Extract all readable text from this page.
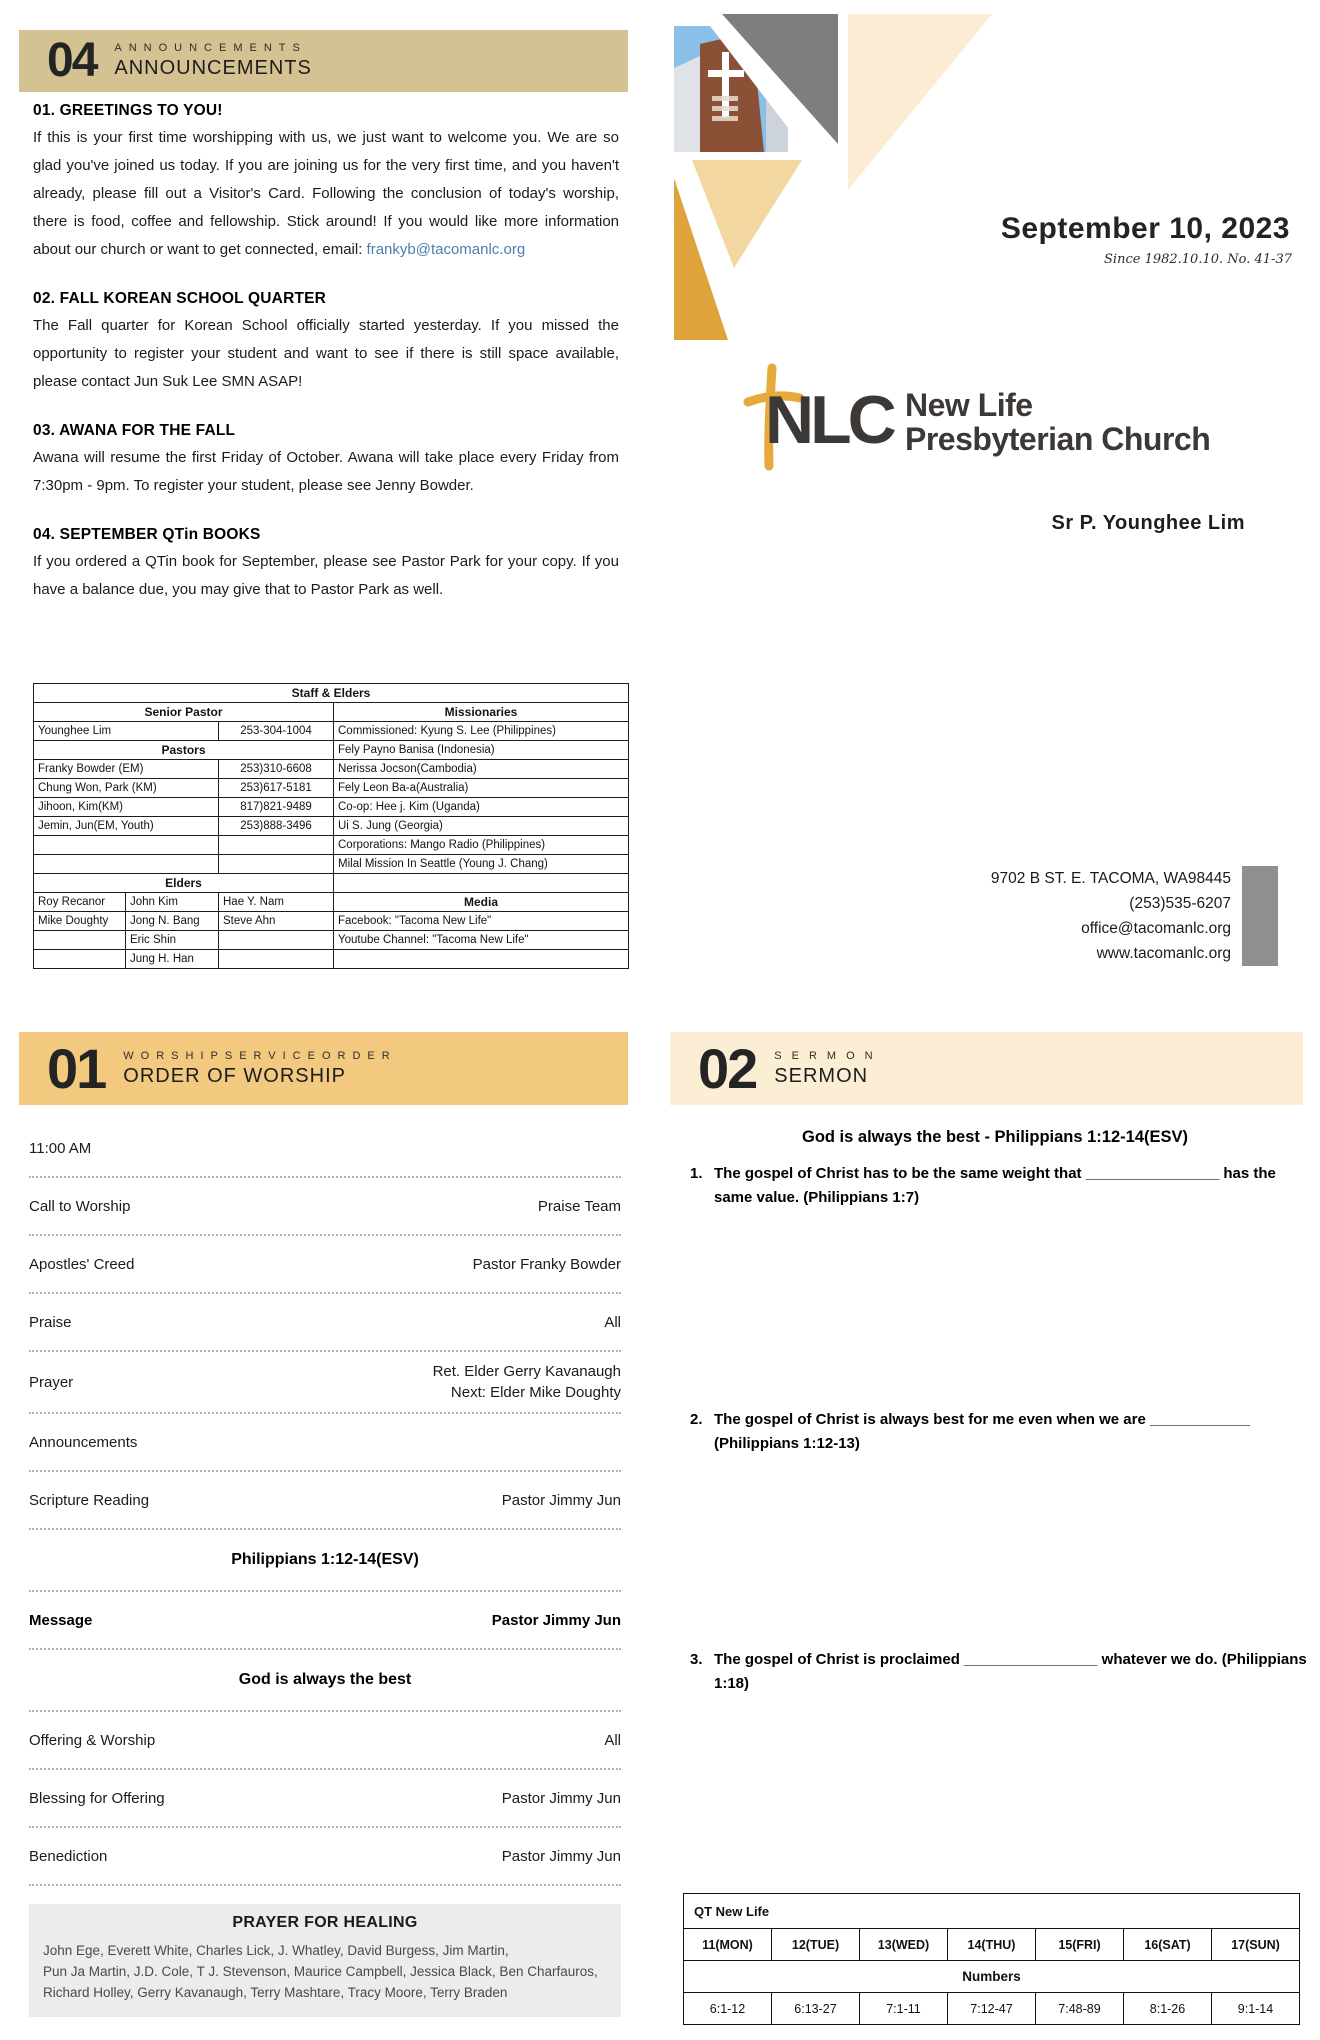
04 ANNOUNCEMENTS
ANNOUNCEMENTS
01. GREETINGS TO YOU!
If this is your first time worshipping with us, we just want to welcome you. We are so glad you've joined us today. If you are joining us for the very first time, and you haven't already, please fill out a Visitor's Card. Following the conclusion of today's worship, there is food, coffee and fellowship. Stick around! If you would like more information about our church or want to get connected, email: frankyb@tacomanlc.org
02. FALL KOREAN SCHOOL QUARTER
The Fall quarter for Korean School officially started yesterday. If you missed the opportunity to register your student and want to see if there is still space available, please contact Jun Suk Lee SMN ASAP!
03. AWANA FOR THE FALL
Awana will resume the first Friday of October. Awana will take place every Friday from 7:30pm - 9pm. To register your student, please see Jenny Bowder.
04. SEPTEMBER QTin BOOKS
If you ordered a QTin book for September, please see Pastor Park for your copy. If you have a balance due, you may give that to Pastor Park as well.
Staff & Elders			
Senior Pastor			Missionaries
Younghee Lim		253-304-1004	Commissioned: Kyung S. Lee (Philippines)
Pastors			Fely Payno Banisa (Indonesia)
Franky Bowder (EM)		253)310-6608	Nerissa Jocson(Cambodia)
Chung Won, Park (KM)		253)617-5181	Fely Leon Ba-a(Australia)
Jihoon, Kim(KM)		817)821-9489	Co-op: Hee j. Kim (Uganda)
Jemin, Jun(EM, Youth)		253)888-3496	Ui S. Jung (Georgia)
			Corporations: Mango Radio (Philippines)
			Milal Mission In Seattle (Young J. Chang)
Elders			
Roy Recanor	John Kim	Hae Y. Nam	Media
Mike Doughty	Jong N. Bang	Steve Ahn	Facebook: "Tacoma New Life"
	Eric Shin		Youtube Channel: "Tacoma New Life"
	Jung H. Han		
September 10, 2023
Since 1982.10.10. No. 41-37
NLC New Life
Presbyterian Church
Sr P. Younghee Lim
9702 B ST. E. TACOMA, WA98445
(253)535-6207
office@tacomanlc.org
www.tacomanlc.org
01 WORSHIPSERVICEORDER
ORDER OF WORSHIP
11:00 AM
Call to Worship	Praise Team
Apostles' Creed	Pastor Franky Bowder
Praise	All
Prayer
Ret. Elder Gerry Kavanaugh
Next: Elder Mike Doughty
Announcements
Scripture Reading	Pastor Jimmy Jun
Philippians 1:12-14(ESV)
Message	Pastor Jimmy Jun
God is always the best
Offering & Worship	All
Blessing for Offering	Pastor Jimmy Jun
Benediction	Pastor Jimmy Jun
PRAYER FOR HEALING
John Ege, Everett White, Charles Lick, J. Whatley, David Burgess, Jim Martin,
Pun Ja Martin, J.D. Cole, T J. Stevenson, Maurice Campbell, Jessica Black, Ben Charfauros,
Richard Holley, Gerry Kavanaugh, Terry Mashtare, Tracy Moore, Terry Braden
02 SERMON
SERMON
God is always the best - Philippians 1:12-14(ESV)
1. The gospel of Christ has to be the same weight that ________________ has the same value. (Philippians 1:7)
2. The gospel of Christ is always best for me even when we are ____________ (Philippians 1:12-13)
3. The gospel of Christ is proclaimed ________________ whatever we do. (Philippians 1:18)
QT New Life						
11(MON)	12(TUE)	13(WED)	14(THU)	15(FRI)	16(SAT)	17(SUN)
Numbers						
6:1-12	6:13-27	7:1-11	7:12-47	7:48-89	8:1-26	9:1-14
